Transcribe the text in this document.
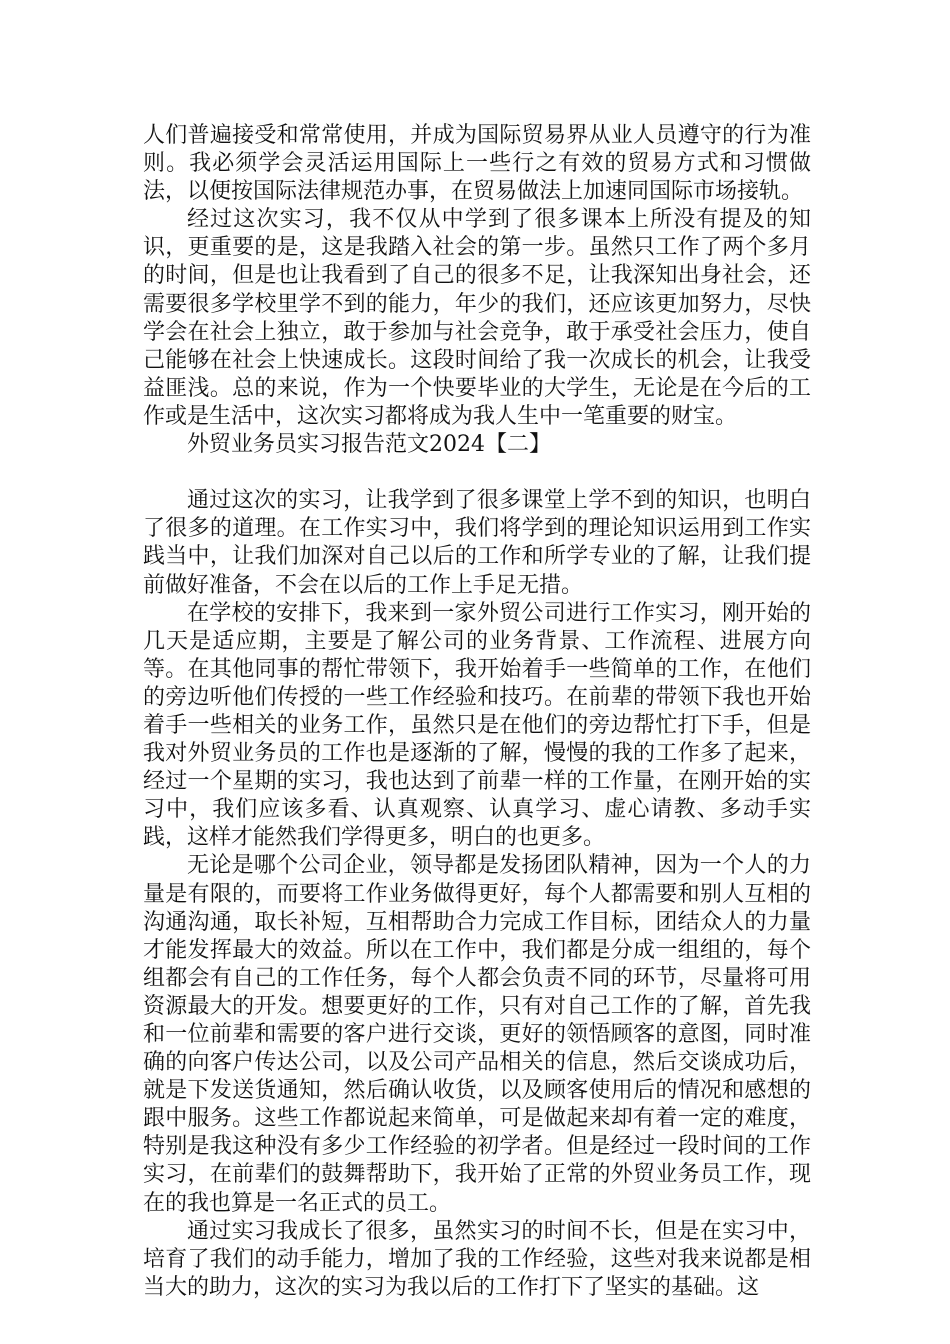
人们普遍接受和常常使用，并成为国际贸易界从业人员遵守的行为准则。我必须学会灵活运用国际上一些行之有效的贸易方式和习惯做法，以便按国际法律规范办事，在贸易做法上加速同国际市场接轨。

经过这次实习，我不仅从中学到了很多课本上所没有提及的知识，更重要的是，这是我踏入社会的第一步。虽然只工作了两个多月的时间，但是也让我看到了自己的很多不足，让我深知出身社会，还需要很多学校里学不到的能力，年少的我们，还应该更加努力，尽快学会在社会上独立，敢于参加与社会竞争，敢于承受社会压力，使自己能够在社会上快速成长。这段时间给了我一次成长的机会，让我受益匪浅。总的来说，作为一个快要毕业的大学生，无论是在今后的工作或是生活中，这次实习都将成为我人生中一笔重要的财宝。

外贸业务员实习报告范文2024【二】

通过这次的实习，让我学到了很多课堂上学不到的知识，也明白了很多的道理。在工作实习中，我们将学到的理论知识运用到工作实践当中，让我们加深对自己以后的工作和所学专业的了解，让我们提前做好准备，不会在以后的工作上手足无措。

在学校的安排下，我来到一家外贸公司进行工作实习，刚开始的几天是适应期，主要是了解公司的业务背景、工作流程、进展方向等。在其他同事的帮忙带领下，我开始着手一些简单的工作，在他们的旁边听他们传授的一些工作经验和技巧。在前辈的带领下我也开始着手一些相关的业务工作，虽然只是在他们的旁边帮忙打下手，但是我对外贸业务员的工作也是逐渐的了解，慢慢的我的工作多了起来，经过一个星期的实习，我也达到了前辈一样的工作量，在刚开始的实习中，我们应该多看、认真观察、认真学习、虚心请教、多动手实践，这样才能然我们学得更多，明白的也更多。

无论是哪个公司企业，领导都是发扬团队精神，因为一个人的力量是有限的，而要将工作业务做得更好，每个人都需要和别人互相的沟通沟通，取长补短，互相帮助合力完成工作目标，团结众人的力量才能发挥最大的效益。所以在工作中，我们都是分成一组组的，每个组都会有自己的工作任务，每个人都会负责不同的环节，尽量将可用资源最大的开发。想要更好的工作，只有对自己工作的了解，首先我和一位前辈和需要的客户进行交谈，更好的领悟顾客的意图，同时准确的向客户传达公司，以及公司产品相关的信息，然后交谈成功后，就是下发送货通知，然后确认收货，以及顾客使用后的情况和感想的跟中服务。这些工作都说起来简单，可是做起来却有着一定的难度，特别是我这种没有多少工作经验的初学者。但是经过一段时间的工作实习，在前辈们的鼓舞帮助下，我开始了正常的外贸业务员工作，现在的我也算是一名正式的员工。

通过实习我成长了很多，虽然实习的时间不长，但是在实习中，培育了我们的动手能力，增加了我的工作经验，这些对我来说都是相当大的助力，这次的实习为我以后的工作打下了坚实的基础。这
